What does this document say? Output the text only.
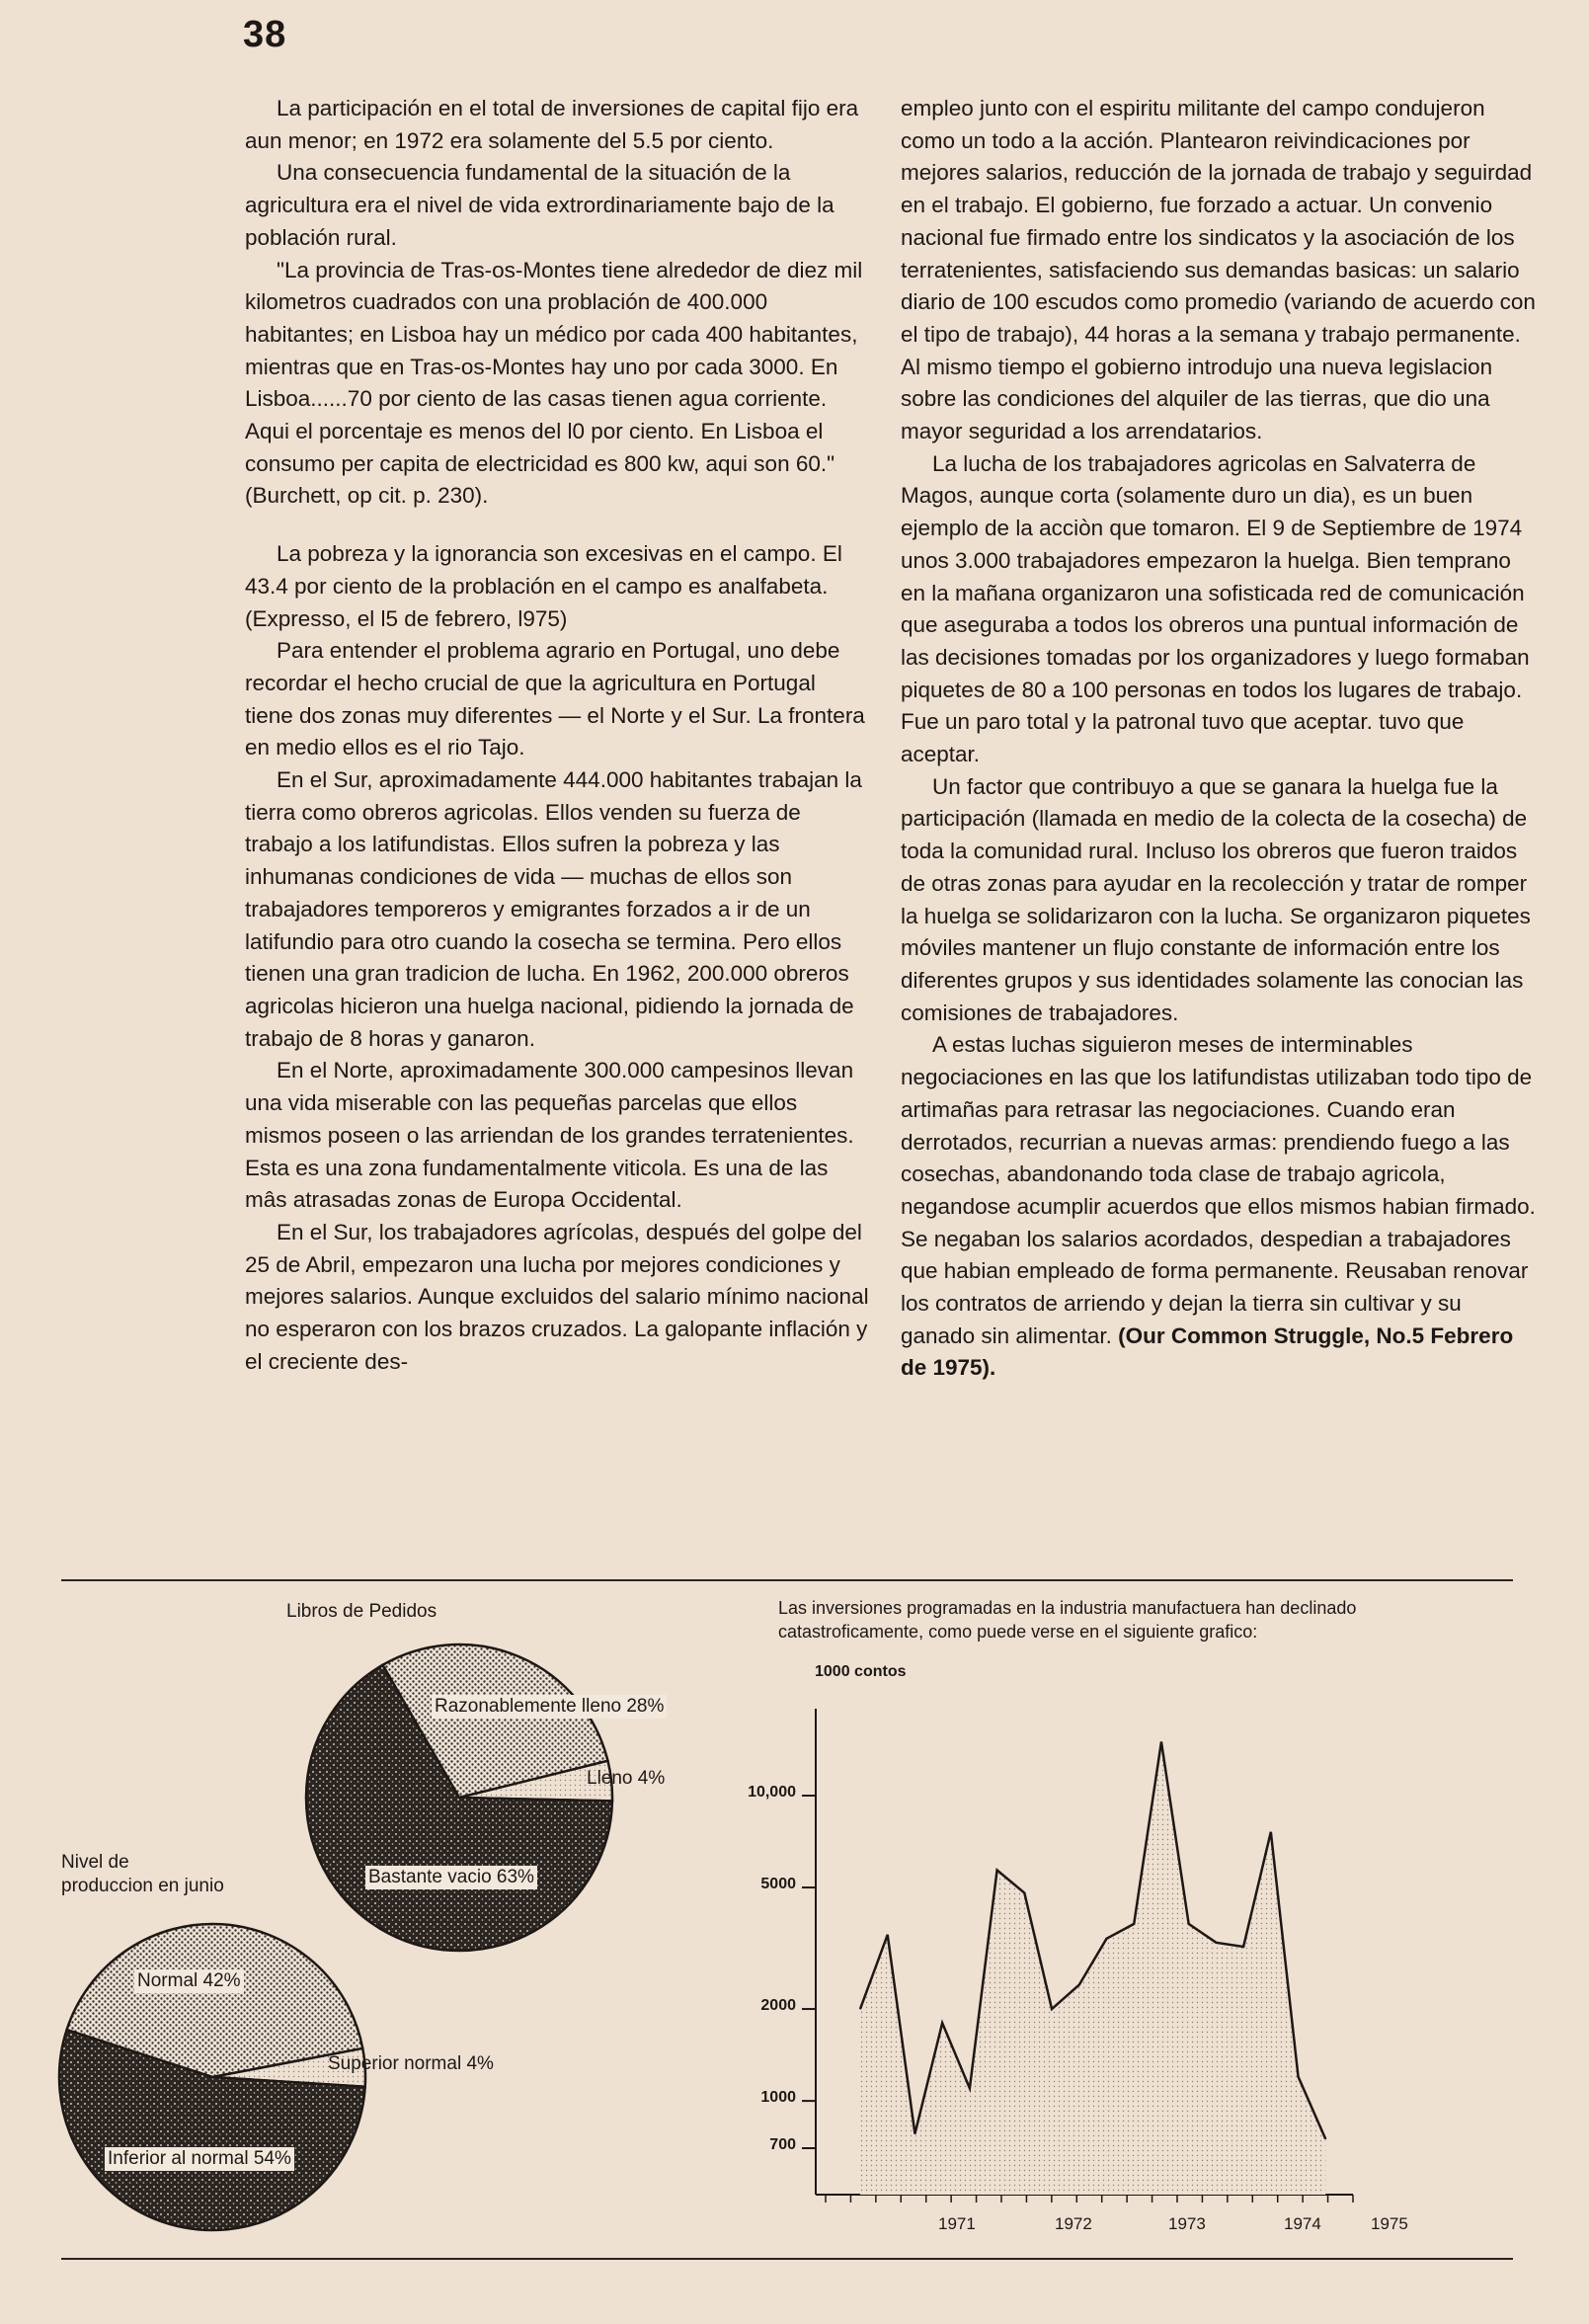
38

La participación en el total de inversiones de capital fijo era aun menor; en 1972 era solamente del 5.5 por ciento.

Una consecuencia fundamental de la situación de la agricultura era el nivel de vida extrordinariamente bajo de la población rural.

"La provincia de Tras-os-Montes tiene alrededor de diez mil kilometros cuadrados con una problación de 400.000 habitantes; en Lisboa hay un médico por cada 400 habitantes, mientras que en Tras-os-Montes hay uno por cada 3000. En Lisboa......70 por ciento de las casas tienen agua corriente. Aqui el porcentaje es menos del l0 por ciento. En Lisboa el consumo per capita de electricidad es 800 kw, aqui son 60."(Burchett, op cit. p. 230).

La pobreza y la ignorancia son excesivas en el campo. El 43.4 por ciento de la problación en el campo es analfabeta. (Expresso, el l5 de febrero, l975)

Para entender el problema agrario en Portugal, uno debe recordar el hecho crucial de que la agricultura en Portugal tiene dos zonas muy diferentes — el Norte y el Sur. La frontera en medio ellos es el rio Tajo.

En el Sur, aproximadamente 444.000 habitantes trabajan la tierra como obreros agricolas. Ellos venden su fuerza de trabajo a los latifundistas. Ellos sufren la pobreza y las inhumanas condiciones de vida — muchas de ellos son trabajadores temporeros y emigrantes forzados a ir de un latifundio para otro cuando la cosecha se termina. Pero ellos tienen una gran tradicion de lucha. En 1962, 200.000 obreros agricolas hicieron una huelga nacional, pidiendo la jornada de trabajo de 8 horas y ganaron.

En el Norte, aproximadamente 300.000 campesinos llevan una vida miserable con las pequeñas parcelas que ellos mismos poseen o las arriendan de los grandes terratenientes. Esta es una zona fundamentalmente viticola. Es una de las mâs atrasadas zonas de Europa Occidental.

En el Sur, los trabajadores agrícolas, después del golpe del 25 de Abril, empezaron una lucha por mejores condiciones y mejores salarios. Aunque excluidos del salario mínimo nacional no esperaron con los brazos cruzados. La galopante inflación y el creciente des-

empleo junto con el espiritu militante del campo condujeron como un todo a la acción. Plantearon reivindicaciones por mejores salarios, reducción de la jornada de trabajo y seguirdad en el trabajo. El gobierno, fue forzado a actuar. Un convenio nacional fue firmado entre los sindicatos y la asociación de los terratenientes, satisfaciendo sus demandas basicas: un salario diario de 100 escudos como promedio (variando de acuerdo con el tipo de trabajo), 44 horas a la semana y trabajo permanente. Al mismo tiempo el gobierno introdujo una nueva legislacion sobre las condiciones del alquiler de las tierras, que dio una mayor seguridad a los arrendatarios.

La lucha de los trabajadores agricolas en Salvaterra de Magos, aunque corta (solamente duro un dia), es un buen ejemplo de la acciòn que tomaron. El 9 de Septiembre de 1974 unos 3.000 trabajadores empezaron la huelga. Bien temprano en la mañana organizaron una sofisticada red de comunicación que aseguraba a todos los obreros una puntual información de las decisiones tomadas por los organizadores y luego formaban piquetes de 80 a 100 personas en todos los lugares de trabajo. Fue un paro total y la patronal tuvo que aceptar. tuvo que aceptar.

Un factor que contribuyo a que se ganara la huelga fue la participación (llamada en medio de la colecta de la cosecha) de toda la comunidad rural. Incluso los obreros que fueron traidos de otras zonas para ayudar en la recolección y tratar de romper la huelga se solidarizaron con la lucha. Se organizaron piquetes móviles mantener un flujo constante de información entre los diferentes grupos y sus identidades solamente las conocian las comisiones de trabajadores.

A estas luchas siguieron meses de interminables negociaciones en las que los latifundistas utilizaban todo tipo de artimañas para retrasar las negociaciones. Cuando eran derrotados, recurrian a nuevas armas: prendiendo fuego a las cosechas, abandonando toda clase de trabajo agricola, negandose acumplir acuerdos que ellos mismos habian firmado. Se negaban los salarios acordados, despedian a trabajadores que habian empleado de forma permanente. Reusaban renovar los contratos de arriendo y dejan la tierra sin cultivar y su ganado sin alimentar. (Our Common Struggle, No.5 Febrero de 1975).

Libros de Pedidos
Razonablemente lleno 28%
Lleno 4%
Bastante vacio 63%
Nivel de
produccion en junio
Normal 42%
Superior normal 4%
Inferior al normal 54%
Las inversiones programadas en la industria manufactuera han declinado
catastroficamente, como puede verse en el siguiente grafico:
1000 contos
700
1000
2000
5000
10,000
1971	1972	1973	1974	1975
